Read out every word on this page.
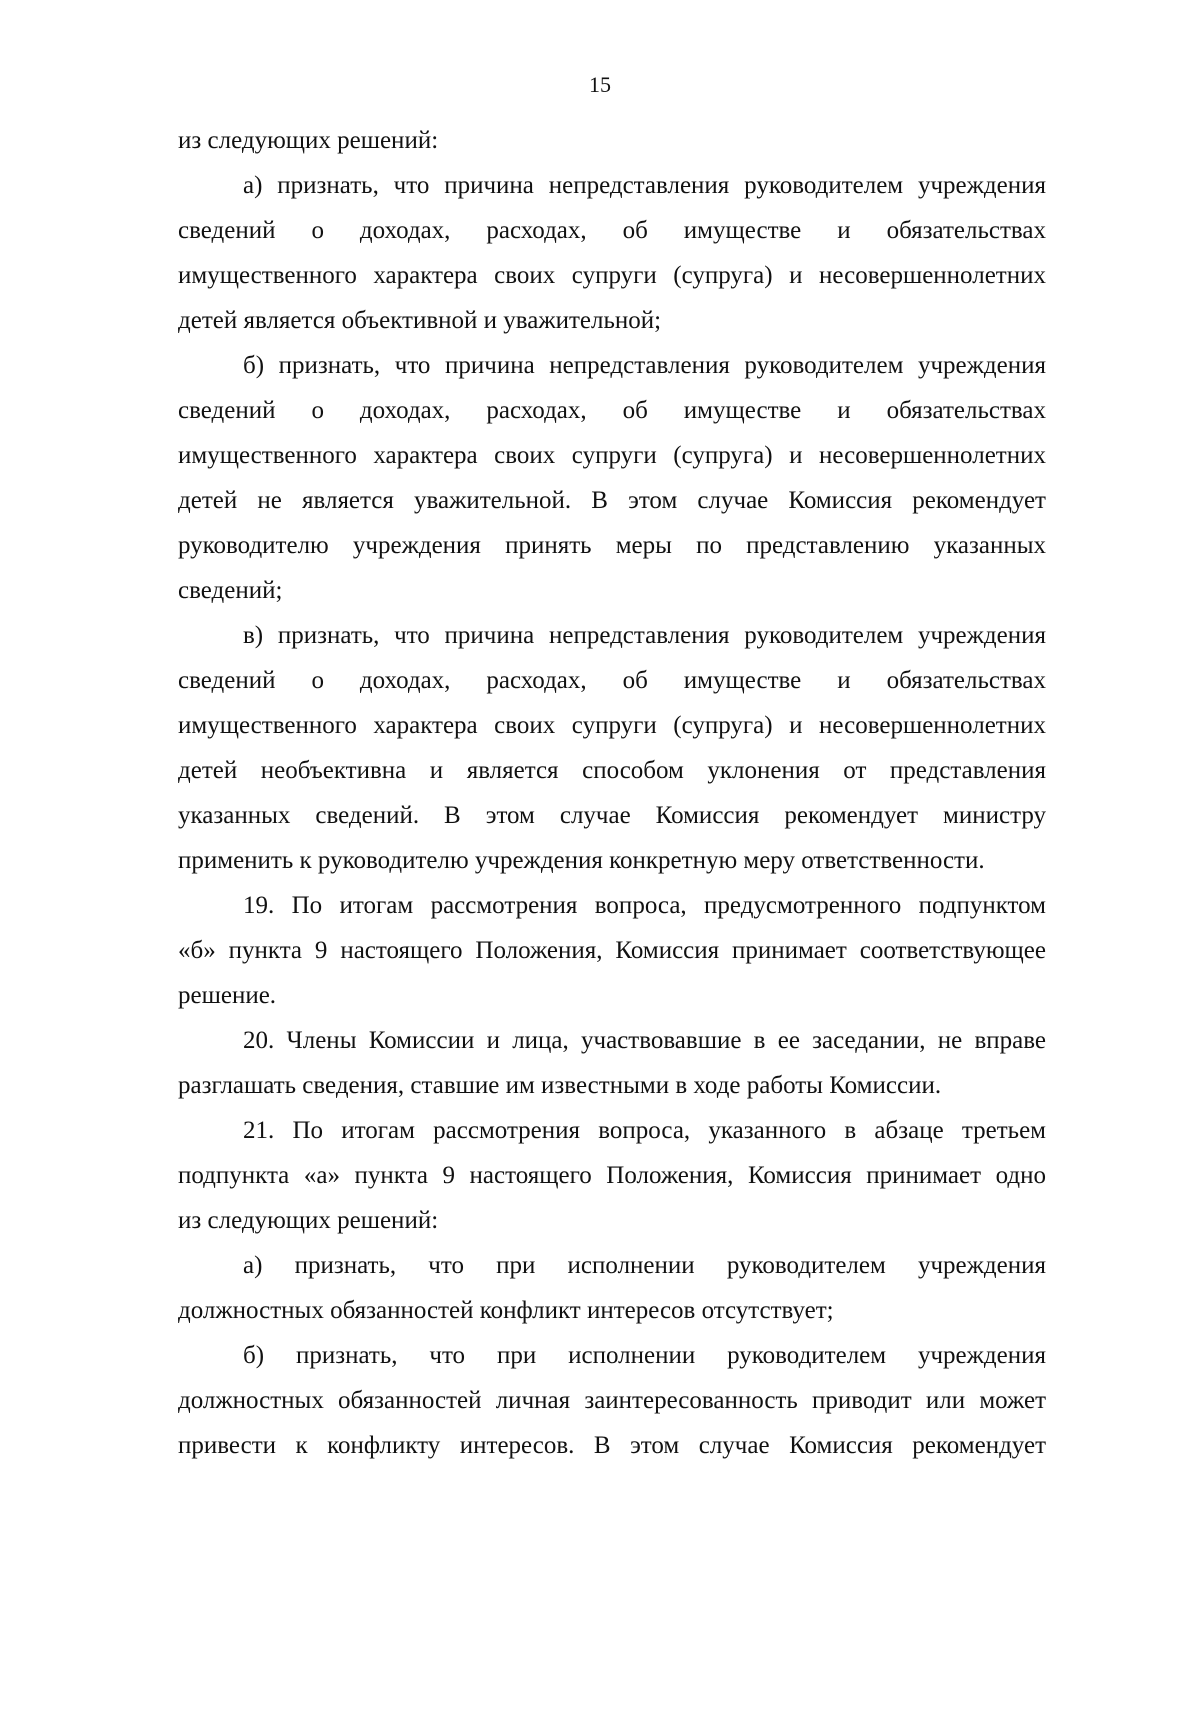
15
из следующих решений:
а) признать, что причина непредставления руководителем учреждения
сведений о доходах, расходах, об имуществе и обязательствах
имущественного характера своих супруги (супруга) и несовершеннолетних
детей является объективной и уважительной;
б) признать, что причина непредставления руководителем учреждения
сведений о доходах, расходах, об имуществе и обязательствах
имущественного характера своих супруги (супруга) и несовершеннолетних
детей не является уважительной. В этом случае Комиссия рекомендует
руководителю учреждения принять меры по представлению указанных
сведений;
в) признать, что причина непредставления руководителем учреждения
сведений о доходах, расходах, об имуществе и обязательствах
имущественного характера своих супруги (супруга) и несовершеннолетних
детей необъективна и является способом уклонения от представления
указанных сведений. В этом случае Комиссия рекомендует министру
применить к руководителю учреждения конкретную меру ответственности.
19. По итогам рассмотрения вопроса, предусмотренного подпунктом
«б» пункта 9 настоящего Положения, Комиссия принимает соответствующее
решение.
20. Члены Комиссии и лица, участвовавшие в ее заседании, не вправе
разглашать сведения, ставшие им известными в ходе работы Комиссии.
21. По итогам рассмотрения вопроса, указанного в абзаце третьем
подпункта «а» пункта 9 настоящего Положения, Комиссия принимает одно
из следующих решений:
а) признать, что при исполнении руководителем учреждения
должностных обязанностей конфликт интересов отсутствует;
б) признать, что при исполнении руководителем учреждения
должностных обязанностей личная заинтересованность приводит или может
привести к конфликту интересов. В этом случае Комиссия рекомендует
